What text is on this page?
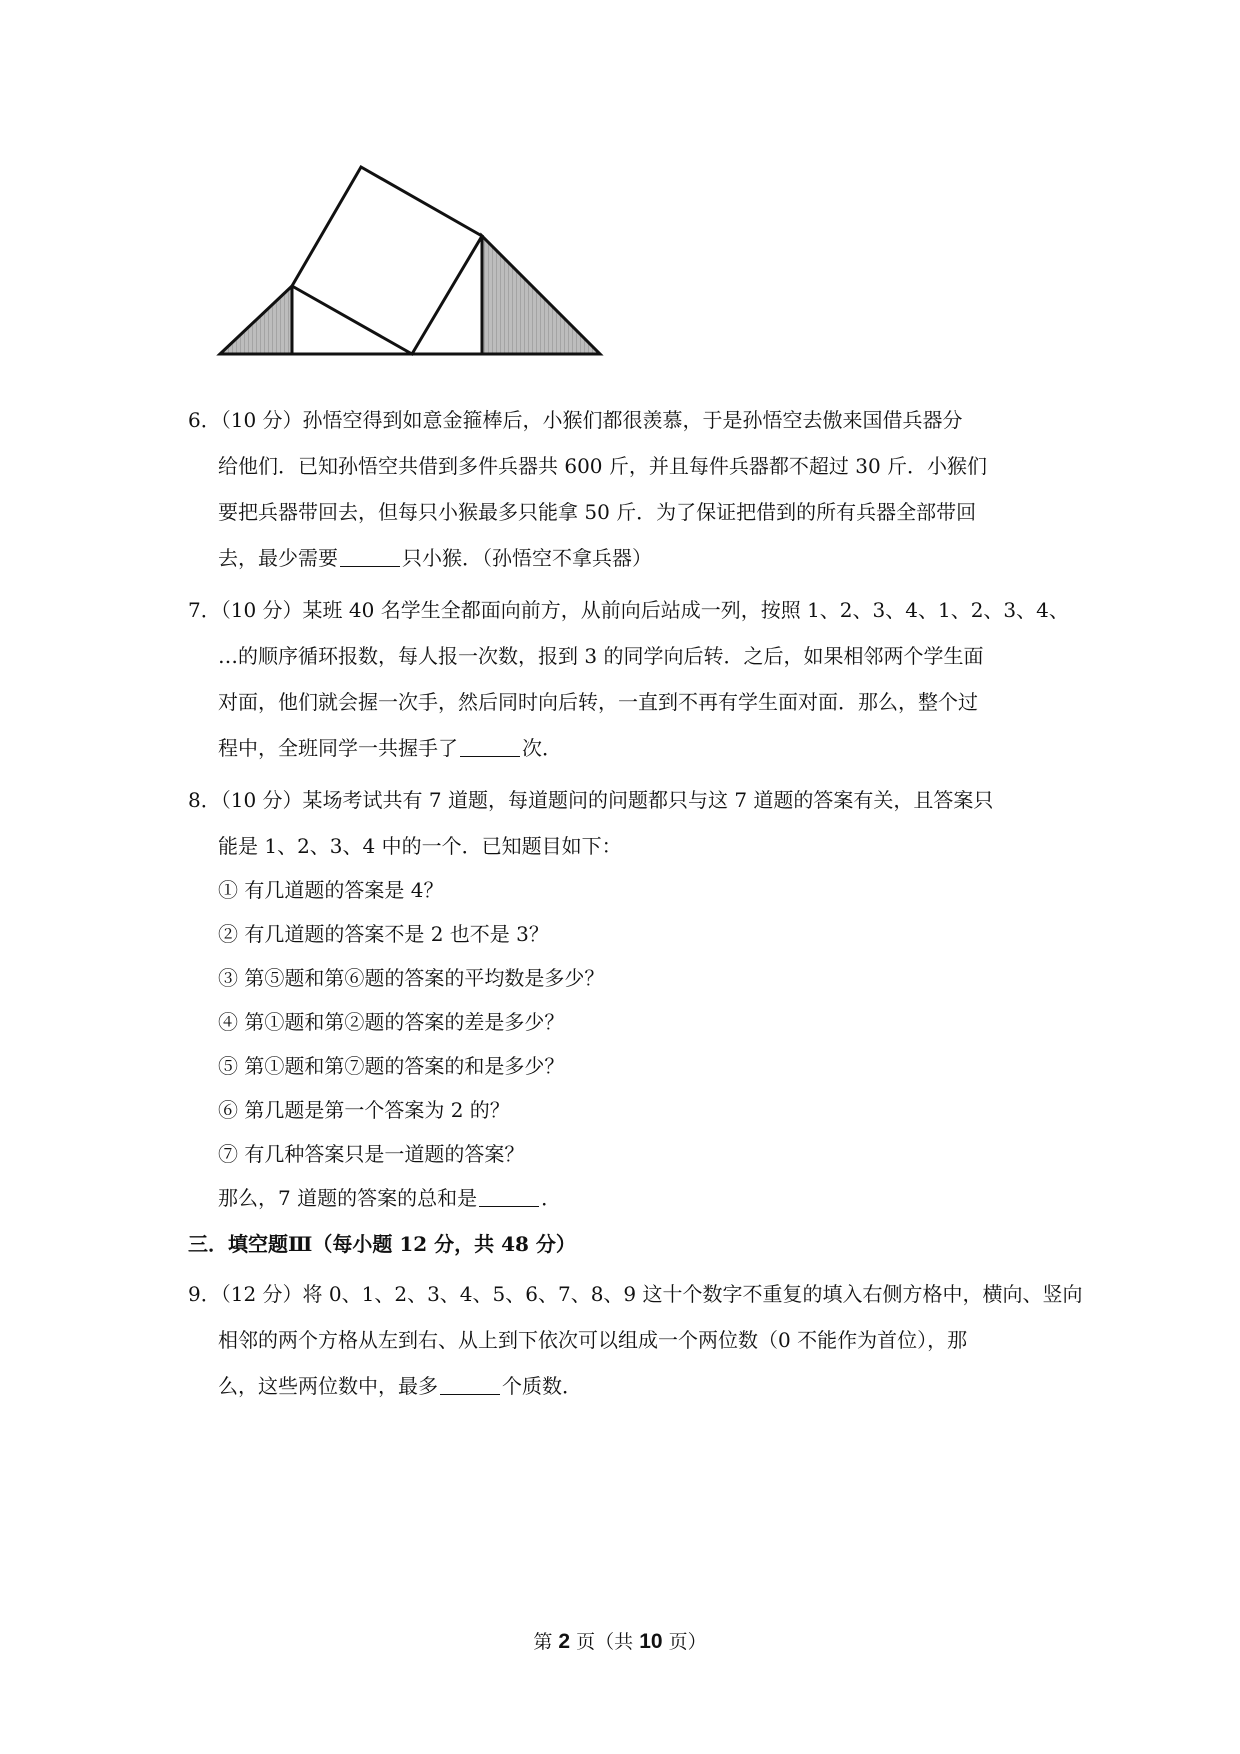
6．（10 分）孙悟空得到如意金箍棒后，小猴们都很羡慕，于是孙悟空去傲来国借兵器分
给他们．已知孙悟空共借到多件兵器共 600 斤，并且每件兵器都不超过 30 斤．小猴们
要把兵器带回去，但每只小猴最多只能拿 50 斤．为了保证把借到的所有兵器全部带回
去，最少需要	只小猴．（孙悟空不拿兵器）
7．（10 分）某班 40 名学生全都面向前方，从前向后站成一列，按照 1、2、3、4、1、2、3、4、
…的顺序循环报数，每人报一次数，报到 3 的同学向后转．之后，如果相邻两个学生面
对面，他们就会握一次手，然后同时向后转，一直到不再有学生面对面．那么，整个过
程中，全班同学一共握手了	次．
8．（10 分）某场考试共有 7 道题，每道题问的问题都只与这 7 道题的答案有关，且答案只
能是 1、2、3、4 中的一个．已知题目如下：
① 有几道题的答案是 4？
② 有几道题的答案不是 2 也不是 3？
③ 第⑤题和第⑥题的答案的平均数是多少？
④ 第①题和第②题的答案的差是多少？
⑤ 第①题和第⑦题的答案的和是多少？
⑥ 第几题是第一个答案为 2 的？
⑦ 有几种答案只是一道题的答案？
那么，7 道题的答案的总和是	．
三．填空题Ⅲ（每小题 12 分，共 48 分）
9．（12 分）将 0、1、2、3、4、5、6、7、8、9 这十个数字不重复的填入右侧方格中，横向、竖向
相邻的两个方格从左到右、从上到下依次可以组成一个两位数（0 不能作为首位），那
么，这些两位数中，最多	个质数．
第 2 页（共 10 页）
